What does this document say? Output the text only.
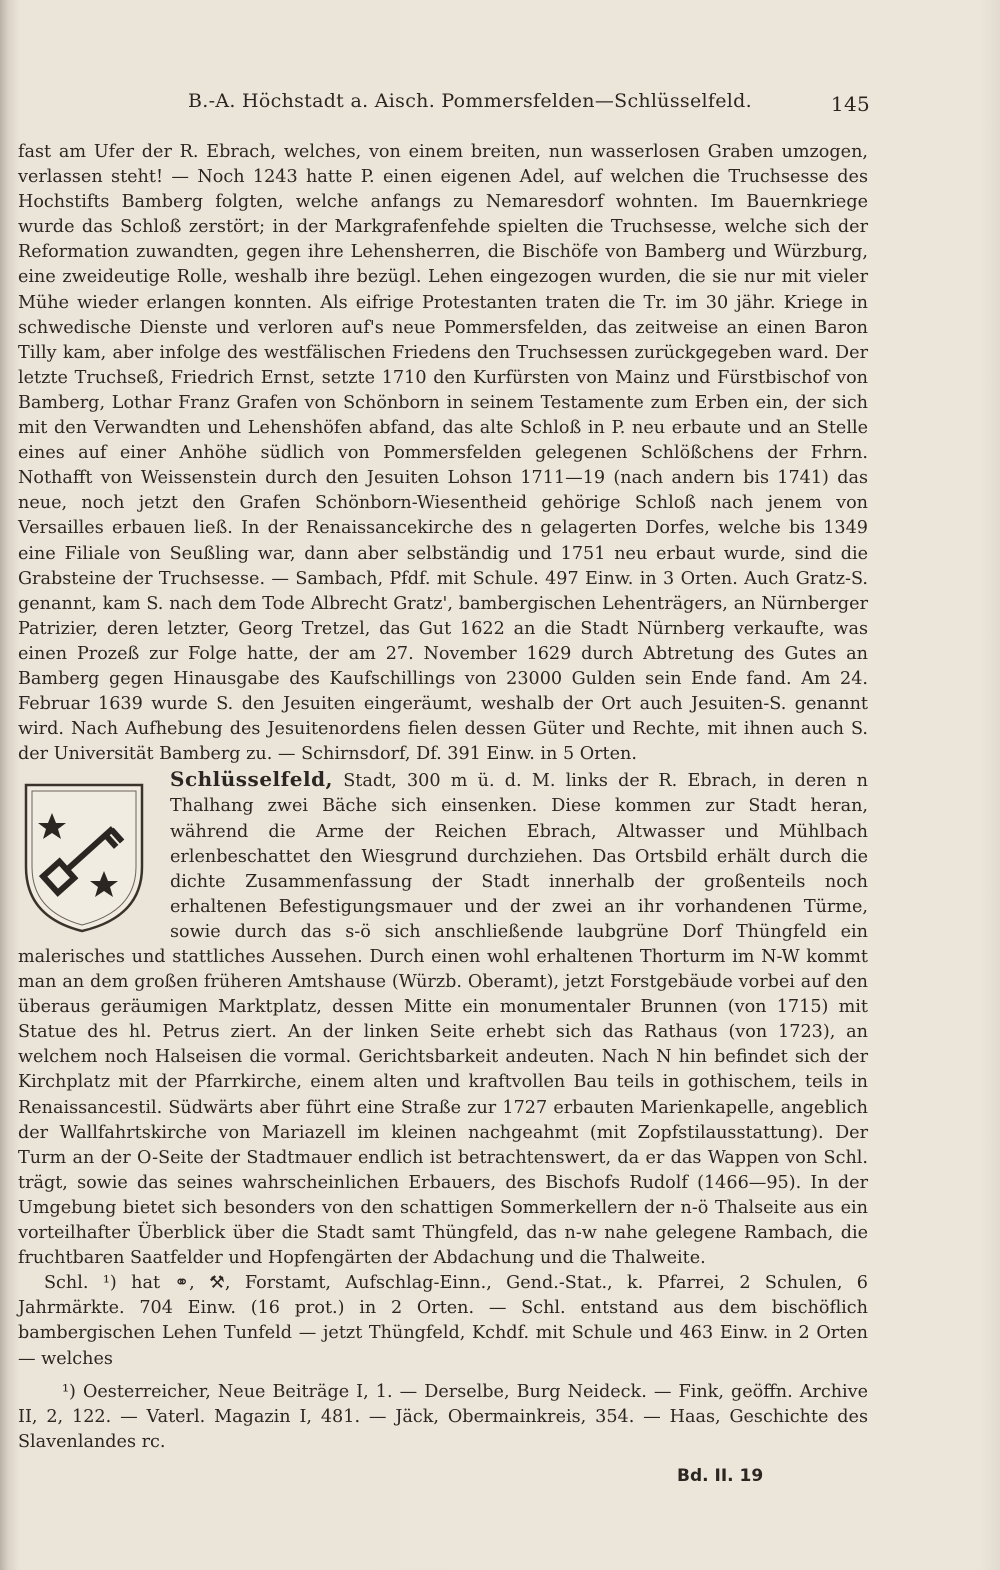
B.-A. Höchstadt a. Aisch. Pommersfelden—Schlüsselfeld.	145

fast am Ufer der R. Ebrach, welches, von einem breiten, nun wasserlosen Graben umzogen, verlassen steht! — Noch 1243 hatte P. einen eigenen Adel, auf welchen die Truchsesse des Hochstifts Bamberg folgten, welche anfangs zu Nemaresdorf wohnten. Im Bauernkriege wurde das Schloß zerstört; in der Markgrafenfehde spielten die Truchsesse, welche sich der Reformation zuwandten, gegen ihre Lehensherren, die Bischöfe von Bamberg und Würzburg, eine zweideutige Rolle, weshalb ihre bezügl. Lehen eingezogen wurden, die sie nur mit vieler Mühe wieder erlangen konnten. Als eifrige Protestanten traten die Tr. im 30 jähr. Kriege in schwedische Dienste und verloren auf's neue Pommersfelden, das zeitweise an einen Baron Tilly kam, aber infolge des westfälischen Friedens den Truchsessen zurückgegeben ward. Der letzte Truchseß, Friedrich Ernst, setzte 1710 den Kurfürsten von Mainz und Fürstbischof von Bamberg, Lothar Franz Grafen von Schönborn in seinem Testamente zum Erben ein, der sich mit den Verwandten und Lehenshöfen abfand, das alte Schloß in P. neu erbaute und an Stelle eines auf einer Anhöhe südlich von Pommersfelden gelegenen Schlößchens der Frhrn. Nothafft von Weissenstein durch den Jesuiten Lohson 1711—19 (nach andern bis 1741) das neue, noch jetzt den Grafen Schönborn-Wiesentheid gehörige Schloß nach jenem von Versailles erbauen ließ. In der Renaissancekirche des n gelagerten Dorfes, welche bis 1349 eine Filiale von Seußling war, dann aber selbständig und 1751 neu erbaut wurde, sind die Grabsteine der Truchsesse. — Sambach, Pfdf. mit Schule. 497 Einw. in 3 Orten. Auch Gratz-S. genannt, kam S. nach dem Tode Albrecht Gratz', bambergischen Lehenträgers, an Nürnberger Patrizier, deren letzter, Georg Tretzel, das Gut 1622 an die Stadt Nürnberg verkaufte, was einen Prozeß zur Folge hatte, der am 27. November 1629 durch Abtretung des Gutes an Bamberg gegen Hinausgabe des Kaufschillings von 23000 Gulden sein Ende fand. Am 24. Februar 1639 wurde S. den Jesuiten eingeräumt, weshalb der Ort auch Jesuiten-S. genannt wird. Nach Aufhebung des Jesuitenordens fielen dessen Güter und Rechte, mit ihnen auch S. der Universität Bamberg zu. — Schirnsdorf, Df. 391 Einw. in 5 Orten.

Schlüsselfeld, Stadt, 300 m ü. d. M. links der R. Ebrach, in deren n Thalhang zwei Bäche sich einsenken. Diese kommen zur Stadt heran, während die Arme der Reichen Ebrach, Altwasser und Mühlbach erlenbeschattet den Wiesgrund durchziehen. Das Ortsbild erhält durch die dichte Zusammenfassung der Stadt innerhalb der großenteils noch erhaltenen Befestigungsmauer und der zwei an ihr vorhandenen Türme, sowie durch das s-ö sich anschließende laubgrüne Dorf Thüngfeld ein malerisches und stattliches Aussehen. Durch einen wohl erhaltenen Thorturm im N-W kommt man an dem großen früheren Amtshause (Würzb. Oberamt), jetzt Forstgebäude vorbei auf den überaus geräumigen Marktplatz, dessen Mitte ein monumentaler Brunnen (von 1715) mit Statue des hl. Petrus ziert. An der linken Seite erhebt sich das Rathaus (von 1723), an welchem noch Halseisen die vormal. Gerichtsbarkeit andeuten. Nach N hin befindet sich der Kirchplatz mit der Pfarrkirche, einem alten und kraftvollen Bau teils in gothischem, teils in Renaissancestil. Südwärts aber führt eine Straße zur 1727 erbauten Marienkapelle, angeblich der Wallfahrtskirche von Mariazell im kleinen nachgeahmt (mit Zopfstilausstattung). Der Turm an der O-Seite der Stadtmauer endlich ist betrachtenswert, da er das Wappen von Schl. trägt, sowie das seines wahrscheinlichen Erbauers, des Bischofs Rudolf (1466—95). In der Umgebung bietet sich besonders von den schattigen Sommerkellern der n-ö Thalseite aus ein vorteilhafter Überblick über die Stadt samt Thüngfeld, das n-w nahe gelegene Rambach, die fruchtbaren Saatfelder und Hopfengärten der Abdachung und die Thalweite.

Schl. ¹) hat ⚭, ⚒, Forstamt, Aufschlag-Einn., Gend.-Stat., k. Pfarrei, 2 Schulen, 6 Jahrmärkte. 704 Einw. (16 prot.) in 2 Orten. — Schl. entstand aus dem bischöflich bambergischen Lehen Tunfeld — jetzt Thüngfeld, Kchdf. mit Schule und 463 Einw. in 2 Orten — welches

¹) Oesterreicher, Neue Beiträge I, 1. — Derselbe, Burg Neideck. — Fink, geöffn. Archive II, 2, 122. — Vaterl. Magazin I, 481. — Jäck, Obermainkreis, 354. — Haas, Geschichte des Slavenlandes rc.

Bd. II. 19
